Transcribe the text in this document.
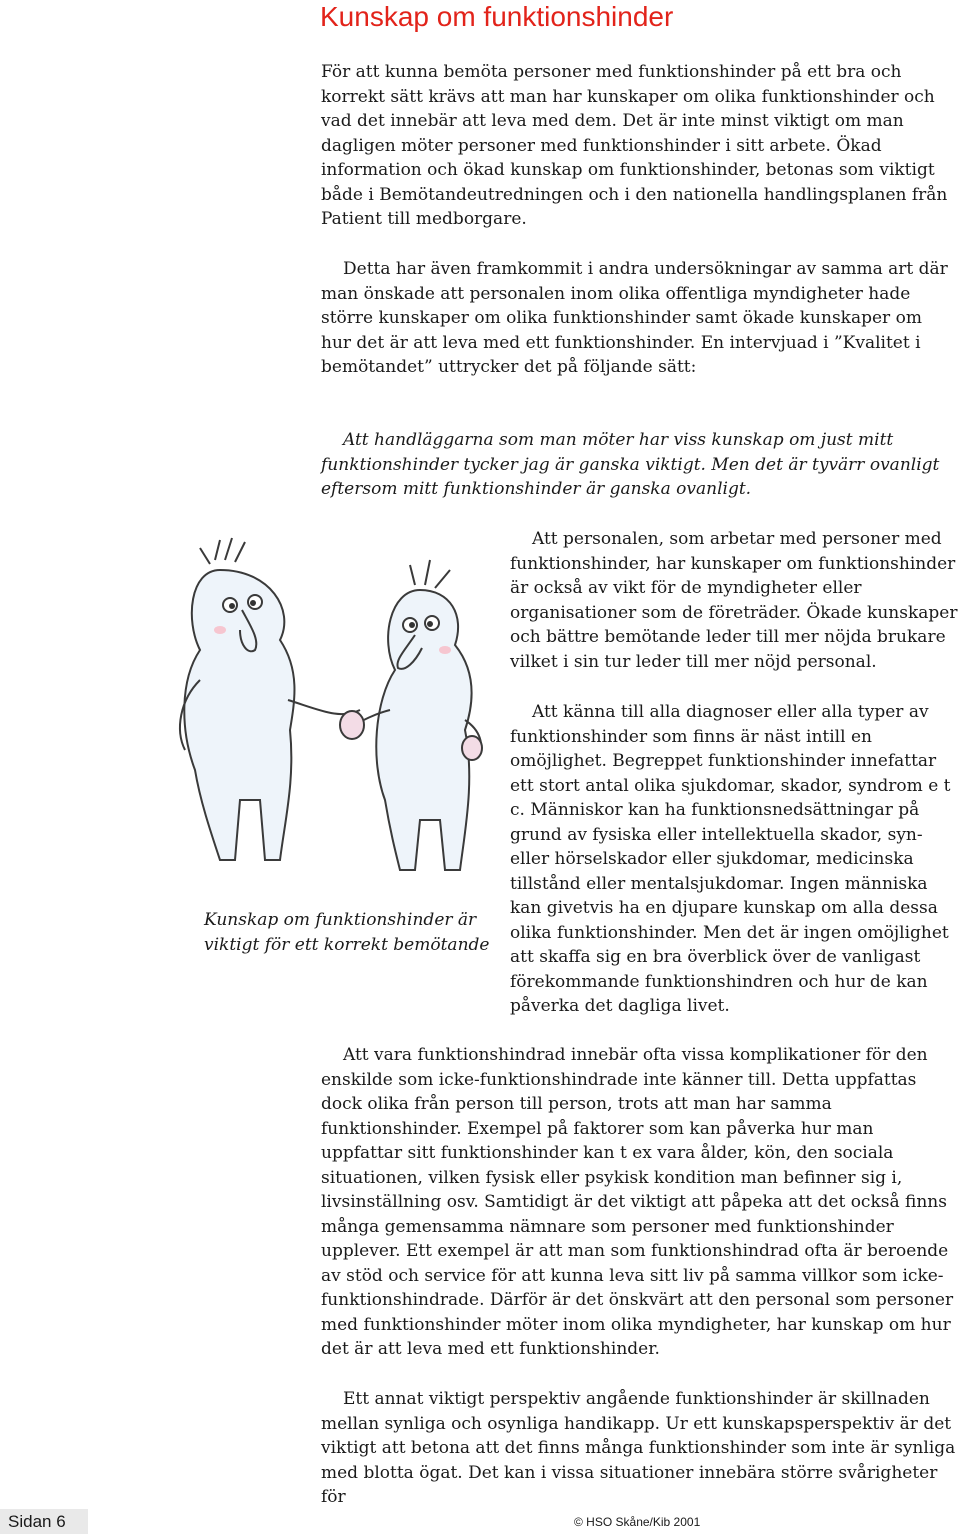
Kunskap om funktionshinder

För att kunna bemöta personer med funktionshinder på ett bra och korrekt sätt krävs att man har kunskaper om olika funktionshinder och vad det innebär att leva med dem. Det är inte minst viktigt om man dagligen möter personer med funktionshinder i sitt arbete. Ökad information och ökad kunskap om funktionshinder, betonas som viktigt både i Bemötandeutredningen och i den nationella handlingsplanen från Patient till medborgare.

Detta har även framkommit i andra undersökningar av samma art där man önskade att personalen inom olika offentliga myndigheter hade större kunskaper om olika funktionshinder samt ökade kunskaper om hur det är att leva med ett funktionshinder. En intervjuad i ”Kvalitet i bemötandet” uttrycker det på följande sätt:

Att handläggarna som man möter har viss kunskap om just mitt funktionshinder tycker jag är ganska viktigt. Men det är tyvärr ovanligt eftersom mitt funktionshinder är ganska ovanligt.

Kunskap om funktionshinder är viktigt för ett korrekt bemötande

Att personalen, som arbetar med personer med funktionshinder, har kunskaper om funktionshinder är också av vikt för de myndigheter eller organisationer som de företräder. Ökade kunskaper och bättre bemötande leder till mer nöjda brukare vilket i sin tur leder till mer nöjd personal.

Att känna till alla diagnoser eller alla typer av funktionshinder som finns är näst intill en omöjlighet. Begreppet funktionshinder innefattar ett stort antal olika sjukdomar, skador, syndrom e t c. Människor kan ha funktionsnedsättningar på grund av fysiska eller intellektuella skador, syn- eller hörselskador eller sjukdomar, medicinska tillstånd eller mentalsjukdomar. Ingen människa kan givetvis ha en djupare kunskap om alla dessa olika funktionshinder. Men det är ingen omöjlighet att skaffa sig en bra överblick över de vanligast förekommande funktionshindren och hur de kan påverka det dagliga livet.

Att vara funktionshindrad innebär ofta vissa komplikationer för den enskilde som icke-funktionshindrade inte känner till. Detta uppfattas dock olika från person till person, trots att man har samma funktionshinder. Exempel på faktorer som kan påverka hur man uppfattar sitt funktionshinder kan t ex vara ålder, kön, den sociala situationen, vilken fysisk eller psykisk kondition man befinner sig i, livsinställning osv. Samtidigt är det viktigt att påpeka att det också finns många gemensamma nämnare som personer med funktionshinder upplever. Ett exempel är att man som funktionshindrad ofta är beroende av stöd och service för att kunna leva sitt liv på samma villkor som icke-funktionshindrade. Därför är det önskvärt att den personal som personer med funktionshinder möter inom olika myndigheter, har kunskap om hur det är att leva med ett funktionshinder.

Ett annat viktigt perspektiv angående funktionshinder är skillnaden mellan synliga och osynliga handikapp. Ur ett kunskapsperspektiv är det viktigt att betona att det finns många funktionshinder som inte är synliga med blotta ögat. Det kan i vissa situationer innebära större svårigheter för

Sidan 6	© HSO Skåne/Kib 2001
